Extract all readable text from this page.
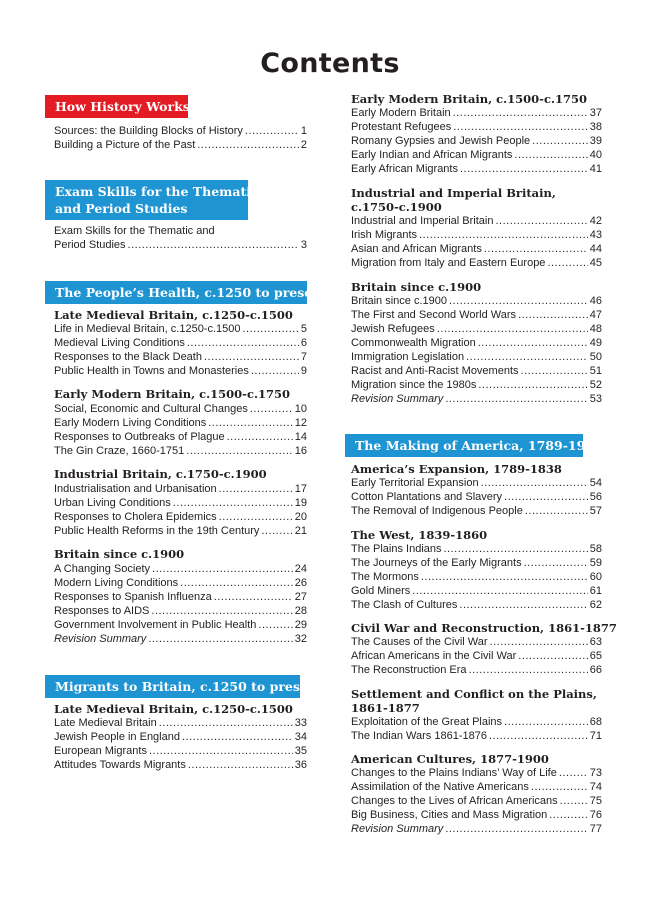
Contents
How History Works
Sources: the Building Blocks of History .....	1
Building a Picture of the Past .....	2
Exam Skills for the Thematic
and Period Studies
Exam Skills for the Thematic and
Period Studies .....	3
The People’s Health, c.1250 to present
Late Medieval Britain, c.1250-c.1500
Life in Medieval Britain, c.1250-c.1500 .....	5
Medieval Living Conditions .....	6
Responses to the Black Death .....	7
Public Health in Towns and Monasteries .....	9
Early Modern Britain, c.1500-c.1750
Social, Economic and Cultural Changes .....	10
Early Modern Living Conditions .....	12
Responses to Outbreaks of Plague .....	14
The Gin Craze, 1660-1751 .....	16
Industrial Britain, c.1750-c.1900
Industrialisation and Urbanisation .....	17
Urban Living Conditions .....	19
Responses to Cholera Epidemics .....	20
Public Health Reforms in the 19th Century .....	21
Britain since c.1900
A Changing Society .....	24
Modern Living Conditions .....	26
Responses to Spanish Influenza .....	27
Responses to AIDS .....	28
Government Involvement in Public Health .....	29
Revision Summary .....	32
Migrants to Britain, c.1250 to present
Late Medieval Britain, c.1250-c.1500
Late Medieval Britain .....	33
Jewish People in England .....	34
European Migrants .....	35
Attitudes Towards Migrants .....	36
Early Modern Britain, c.1500-c.1750
Early Modern Britain .....	37
Protestant Refugees .....	38
Romany Gypsies and Jewish People .....	39
Early Indian and African Migrants .....	40
Early African Migrants .....	41
Industrial and Imperial Britain,
c.1750-c.1900
Industrial and Imperial Britain .....	42
Irish Migrants .....	43
Asian and African Migrants .....	44
Migration from Italy and Eastern Europe .....	45
Britain since c.1900
Britain since c.1900 .....	46
The First and Second World Wars .....	47
Jewish Refugees .....	48
Commonwealth Migration .....	49
Immigration Legislation .....	50
Racist and Anti-Racist Movements .....	51
Migration since the 1980s .....	52
Revision Summary .....	53
The Making of America, 1789-1900
America’s Expansion, 1789-1838
Early Territorial Expansion .....	54
Cotton Plantations and Slavery .....	56
The Removal of Indigenous People .....	57
The West, 1839-1860
The Plains Indians .....	58
The Journeys of the Early Migrants .....	59
The Mormons .....	60
Gold Miners .....	61
The Clash of Cultures .....	62
Civil War and Reconstruction, 1861-1877
The Causes of the Civil War .....	63
African Americans in the Civil War .....	65
The Reconstruction Era .....	66
Settlement and Conflict on the Plains,
1861-1877
Exploitation of the Great Plains .....	68
The Indian Wars 1861-1876 .....	71
American Cultures, 1877-1900
Changes to the Plains Indians’ Way of Life .....	73
Assimilation of the Native Americans .....	74
Changes to the Lives of African Americans .....	75
Big Business, Cities and Mass Migration .....	76
Revision Summary .....	77
